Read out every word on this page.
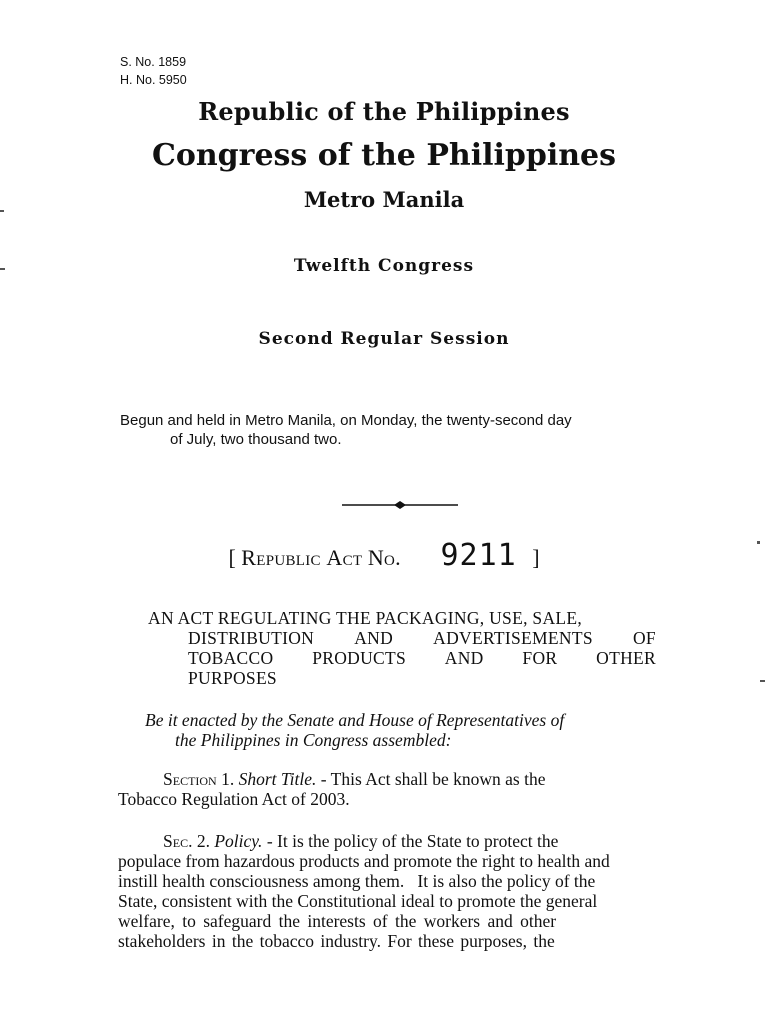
S. No. 1859
H. No. 5950
Republic of the Philippines
Congress of the Philippines
Metro Manila
Twelfth Congress
Second Regular Session
Begun and held in Metro Manila, on Monday, the twenty-second day
of July, two thousand two.
[ Republic Act No. 9211 ]
AN ACT REGULATING THE PACKAGING, USE, SALE,
DISTRIBUTION AND ADVERTISEMENTS OF
TOBACCO PRODUCTS AND FOR OTHER
PURPOSES
Be it enacted by the Senate and House of Representatives of
the Philippines in Congress assembled:
Section 1. Short Title. - This Act shall be known as the
Tobacco Regulation Act of 2003.
Sec. 2. Policy. - It is the policy of the State to protect the
populace from hazardous products and promote the right to health and
instill health consciousness among them.   It is also the policy of the
State, consistent with the Constitutional ideal to promote the general
welfare, to safeguard the interests of the workers and other
stakeholders in the tobacco industry. For these purposes, the
